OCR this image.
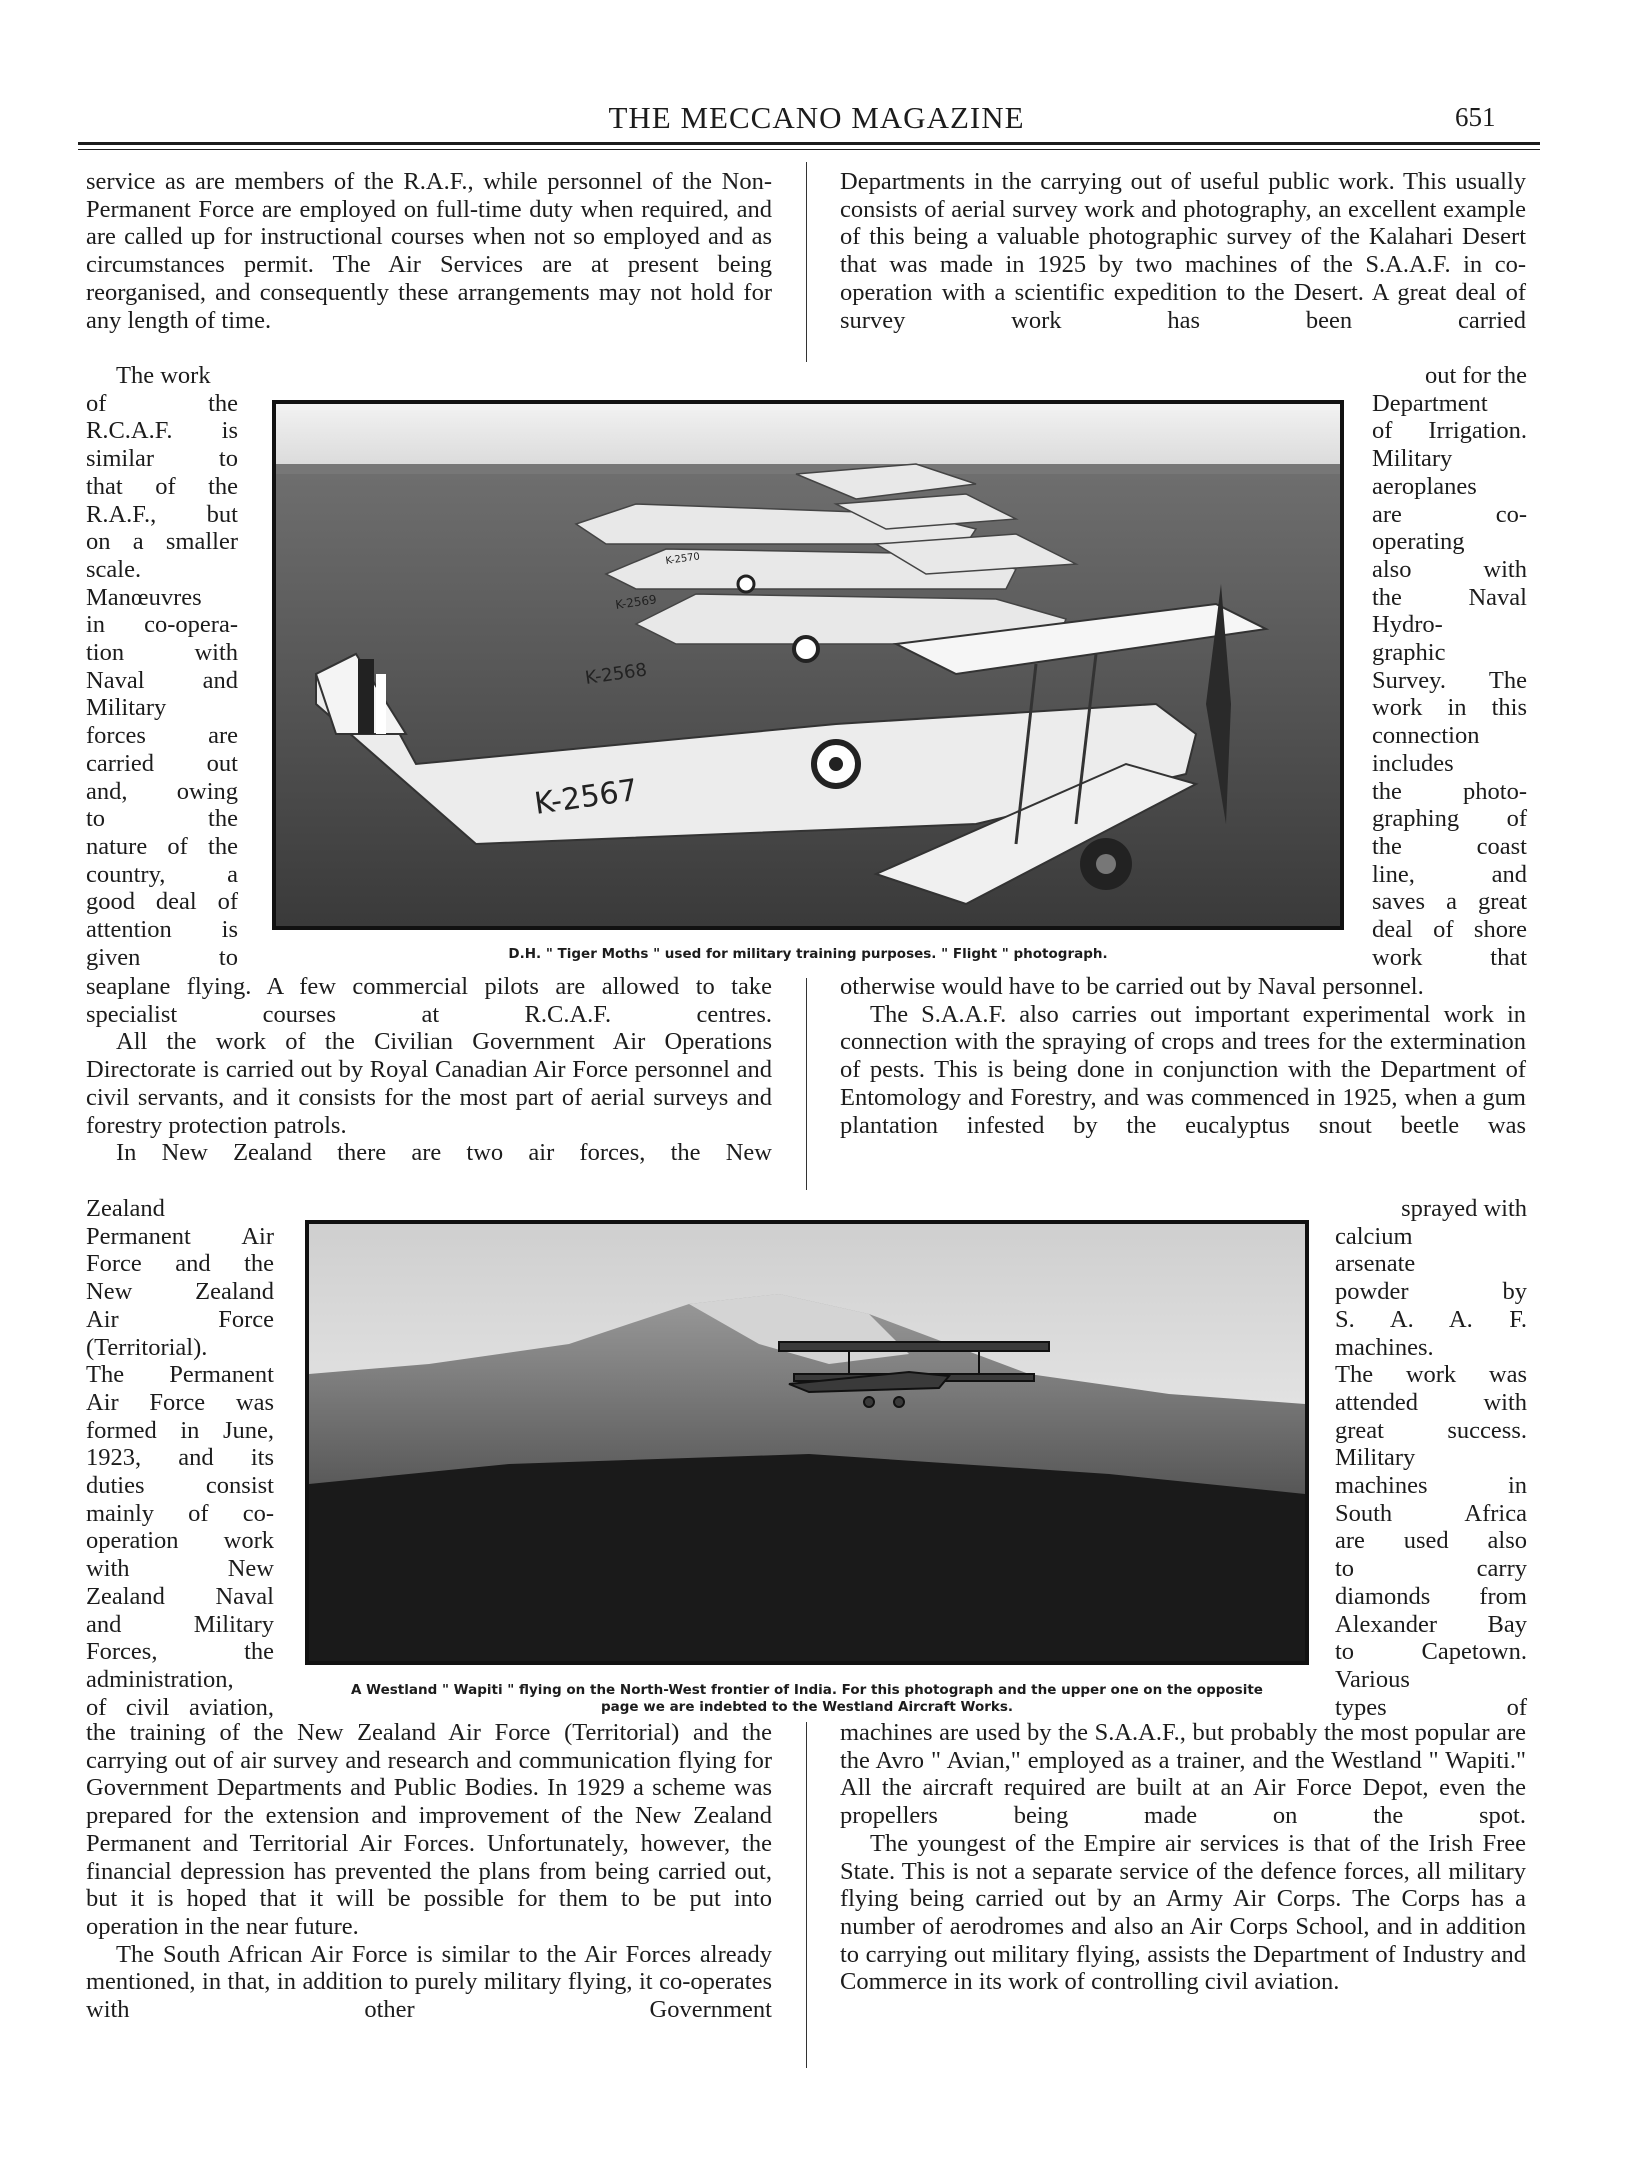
THE MECCANO MAGAZINE	651

service as are members of the R.A.F., while personnel of the Non-Permanent Force are employed on full-time duty when required, and are called up for instructional courses when not so employed and as circumstances permit. The Air Services are at present being reorganised, and consequently these arrangements may not hold for any length of time.

Departments in the carrying out of useful public work. This usually consists of aerial survey work and photography, an excellent example of this being a valuable photographic survey of the Kalahari Desert that was made in 1925 by two machines of the S.A.A.F. in co-operation with a scientific expedition to the Desert. A great deal of survey work has been carried

The work
of the
R.C.A.F. is
similar to
that of the
R.A.F., but
on a smaller
scale.
Manœuvres
in co-opera-
tion with
Naval and
Military
forces are
carried out
and, owing
to the
nature of the
country, a
good deal of
attention is
given to
out for the
Department
of Irrigation.
Military
aeroplanes
are co-
operating
also with
the Naval
Hydro-
graphic
Survey. The
work in this
connection
includes
the photo-
graphing of
the coast
line, and
saves a great
deal of shore
work that
K-2567
K-2568
K-2569
K-2570
D.H. " Tiger Moths " used for military training purposes. " Flight " photograph.

seaplane flying. A few commercial pilots are allowed to take specialist courses at R.C.A.F. centres.

All the work of the Civilian Government Air Operations Directorate is carried out by Royal Canadian Air Force personnel and civil servants, and it consists for the most part of aerial surveys and forestry protection patrols.

In New Zealand there are two air forces, the New

otherwise would have to be carried out by Naval personnel.

The S.A.A.F. also carries out important experimental work in connection with the spraying of crops and trees for the extermination of pests. This is being done in conjunction with the Department of Entomology and Forestry, and was commenced in 1925, when a gum plantation infested by the eucalyptus snout beetle was

Zealand
Permanent Air
Force and the
New Zealand
Air Force
(Territorial).
The Permanent
Air Force was
formed in June,
1923, and its
duties consist
mainly of co-
operation work
with New
Zealand Naval
and Military
Forces, the
administration,
of civil aviation,
sprayed with
calcium
arsenate
powder by
S. A. A. F.
machines.
The work was
attended with
great success.
Military
machines in
South Africa
are used also
to carry
diamonds from
Alexander Bay
to Capetown.
Various
types of
A Westland " Wapiti " flying on the North-West frontier of India. For this photograph and the upper one on the opposite
page we are indebted to the Westland Aircraft Works.

the training of the New Zealand Air Force (Territorial) and the carrying out of air survey and research and communication flying for Government Departments and Public Bodies. In 1929 a scheme was prepared for the extension and improvement of the New Zealand Permanent and Territorial Air Forces. Unfortunately, however, the financial depression has prevented the plans from being carried out, but it is hoped that it will be possible for them to be put into operation in the near future.

The South African Air Force is similar to the Air Forces already mentioned, in that, in addition to purely military flying, it co-operates with other Government

machines are used by the S.A.A.F., but probably the most popular are the Avro " Avian," employed as a trainer, and the Westland " Wapiti." All the aircraft required are built at an Air Force Depot, even the propellers being made on the spot.

The youngest of the Empire air services is that of the Irish Free State. This is not a separate service of the defence forces, all military flying being carried out by an Army Air Corps. The Corps has a number of aerodromes and also an Air Corps School, and in addition to carrying out military flying, assists the Department of Industry and Commerce in its work of controlling civil aviation.
